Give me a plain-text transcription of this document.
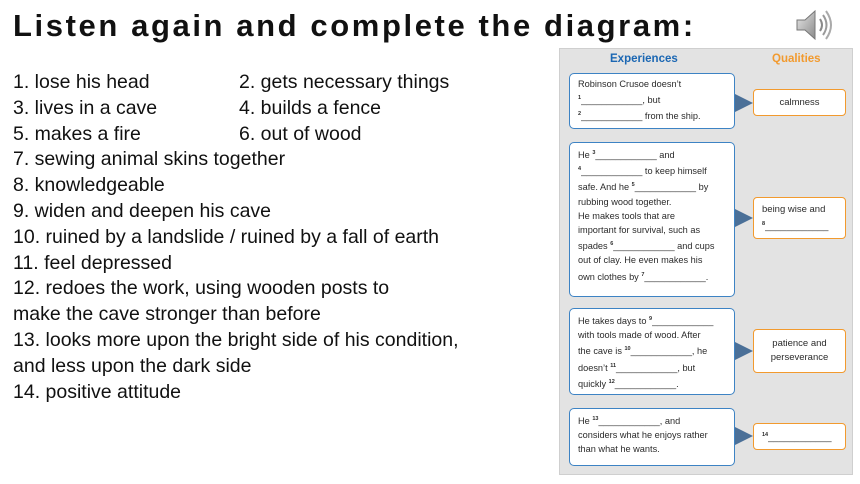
Listen again and complete the diagram:
1. lose his head	2. gets necessary things
3. lives in a cave	4. builds a fence
5. makes a fire	6. out of wood
7. sewing animal skins together
8. knowledgeable
9. widen and deepen his cave
10. ruined by a landslide / ruined by a fall of earth
11. feel depressed
12. redoes the work, using wooden posts to
make the cave stronger than before
13. looks more upon the bright side of his condition,
and less upon the dark side
14. positive attitude
Experiences	Qualities

Robinson Crusoe doesn’t

$^1$____________, but

$^2$____________ from the ship.

calmness

He $^3$____________ and

$^4$____________ to keep himself

safe. And he $^5$____________ by

rubbing wood together.

He makes tools that are

important for survival, such as

spades $^6$____________ and cups

out of clay. He even makes his

own clothes by $^7$____________.

being wise and

$^8$____________

He takes days to $^9$____________

with tools made of wood. After

the cave is $^{10}$____________, he

doesn’t $^{11}$____________, but

quickly $^{12}$____________.

patience and

perseverance

He $^{13}$____________, and

considers what he enjoys rather

than what he wants.

$^{14}$____________
